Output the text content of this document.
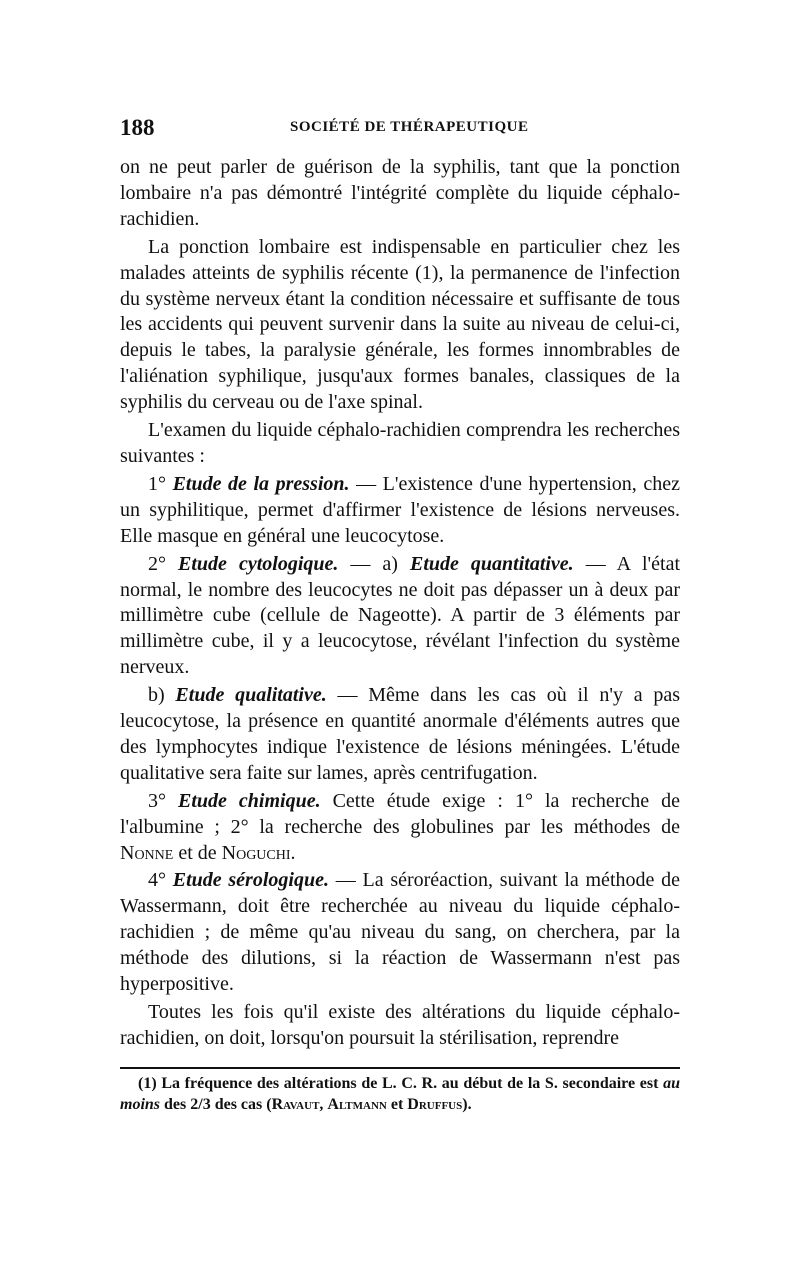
188	SOCIÉTÉ DE THÉRAPEUTIQUE

on ne peut parler de guérison de la syphilis, tant que la ponction lombaire n'a pas démontré l'intégrité complète du liquide céphalo-rachidien.

La ponction lombaire est indispensable en particulier chez les malades atteints de syphilis récente (1), la permanence de l'infection du système nerveux étant la condition nécessaire et suffisante de tous les accidents qui peuvent survenir dans la suite au niveau de celui-ci, depuis le tabes, la paralysie générale, les formes innombrables de l'aliénation syphilique, jusqu'aux formes banales, classiques de la syphilis du cerveau ou de l'axe spinal.

L'examen du liquide céphalo-rachidien comprendra les recherches suivantes :

1° Etude de la pression. — L'existence d'une hypertension, chez un syphilitique, permet d'affirmer l'existence de lésions nerveuses. Elle masque en général une leucocytose.

2° Etude cytologique. — a) Etude quantitative. — A l'état normal, le nombre des leucocytes ne doit pas dépasser un à deux par millimètre cube (cellule de Nageotte). A partir de 3 éléments par millimètre cube, il y a leucocytose, révélant l'infection du système nerveux.

b) Etude qualitative. — Même dans les cas où il n'y a pas leucocytose, la présence en quantité anormale d'éléments autres que des lymphocytes indique l'existence de lésions méningées. L'étude qualitative sera faite sur lames, après centrifugation.

3° Etude chimique. Cette étude exige : 1° la recherche de l'albumine ; 2° la recherche des globulines par les méthodes de Nonne et de Noguchi.

4° Etude sérologique. — La séroréaction, suivant la méthode de Wassermann, doit être recherchée au niveau du liquide céphalo-rachidien ; de même qu'au niveau du sang, on cherchera, par la méthode des dilutions, si la réaction de Wassermann n'est pas hyperpositive.

Toutes les fois qu'il existe des altérations du liquide céphalo-rachidien, on doit, lorsqu'on poursuit la stérilisation, reprendre

(1) La fréquence des altérations de L. C. R. au début de la S. secondaire est au moins des 2/3 des cas (Ravaut, Altmann et Druffus).
